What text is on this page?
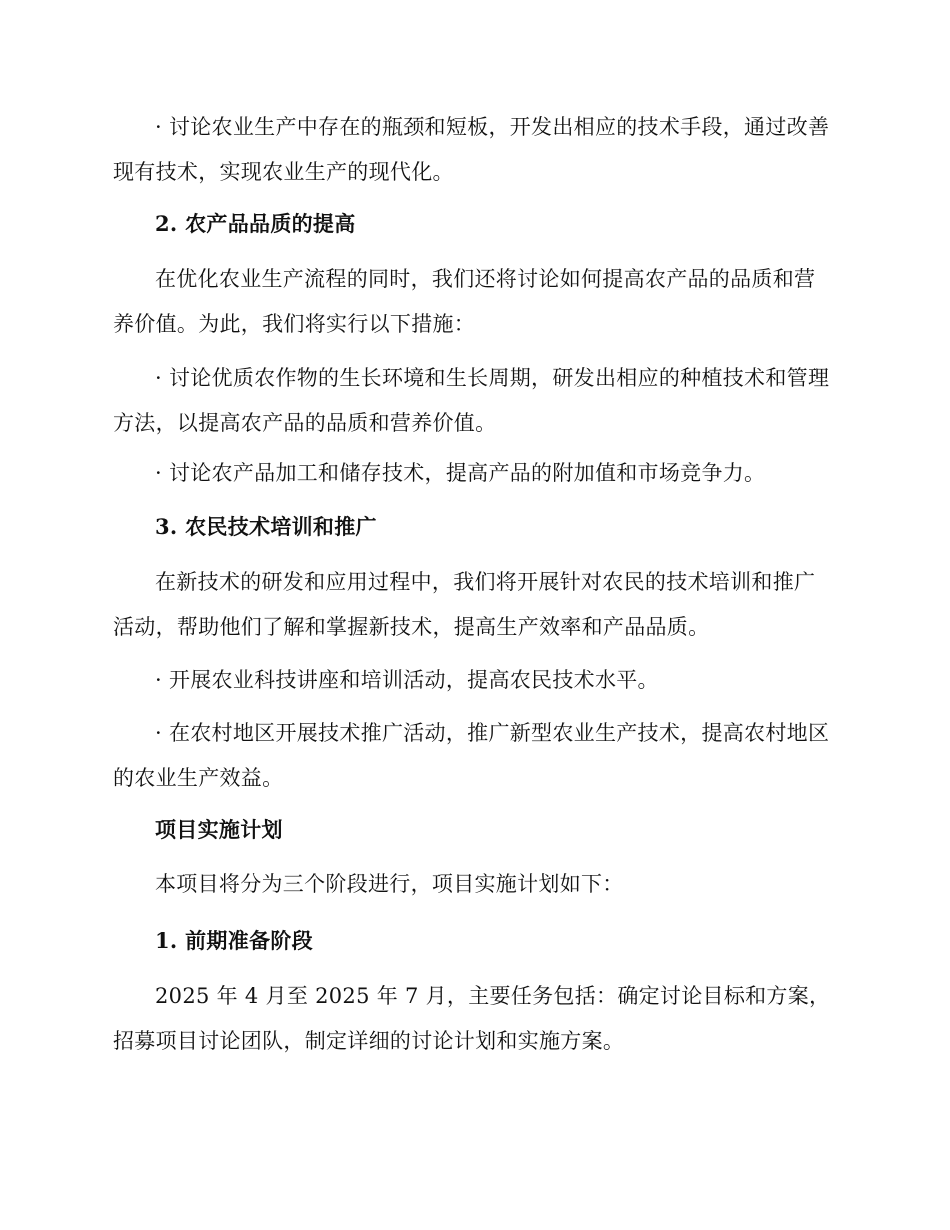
· 讨论农业生产中存在的瓶颈和短板，开发出相应的技术手段，通过改善现有技术，实现农业生产的现代化。

2. 农产品品质的提高

在优化农业生产流程的同时，我们还将讨论如何提高农产品的品质和营养价值。为此，我们将实行以下措施：

· 讨论优质农作物的生长环境和生长周期，研发出相应的种植技术和管理方法，以提高农产品的品质和营养价值。

· 讨论农产品加工和储存技术，提高产品的附加值和市场竞争力。

3. 农民技术培训和推广

在新技术的研发和应用过程中，我们将开展针对农民的技术培训和推广活动，帮助他们了解和掌握新技术，提高生产效率和产品品质。

· 开展农业科技讲座和培训活动，提高农民技术水平。

· 在农村地区开展技术推广活动，推广新型农业生产技术，提高农村地区的农业生产效益。

项目实施计划

本项目将分为三个阶段进行，项目实施计划如下：

1. 前期准备阶段

2025 年 4 月至 2025 年 7 月，主要任务包括：确定讨论目标和方案，招募项目讨论团队，制定详细的讨论计划和实施方案。
